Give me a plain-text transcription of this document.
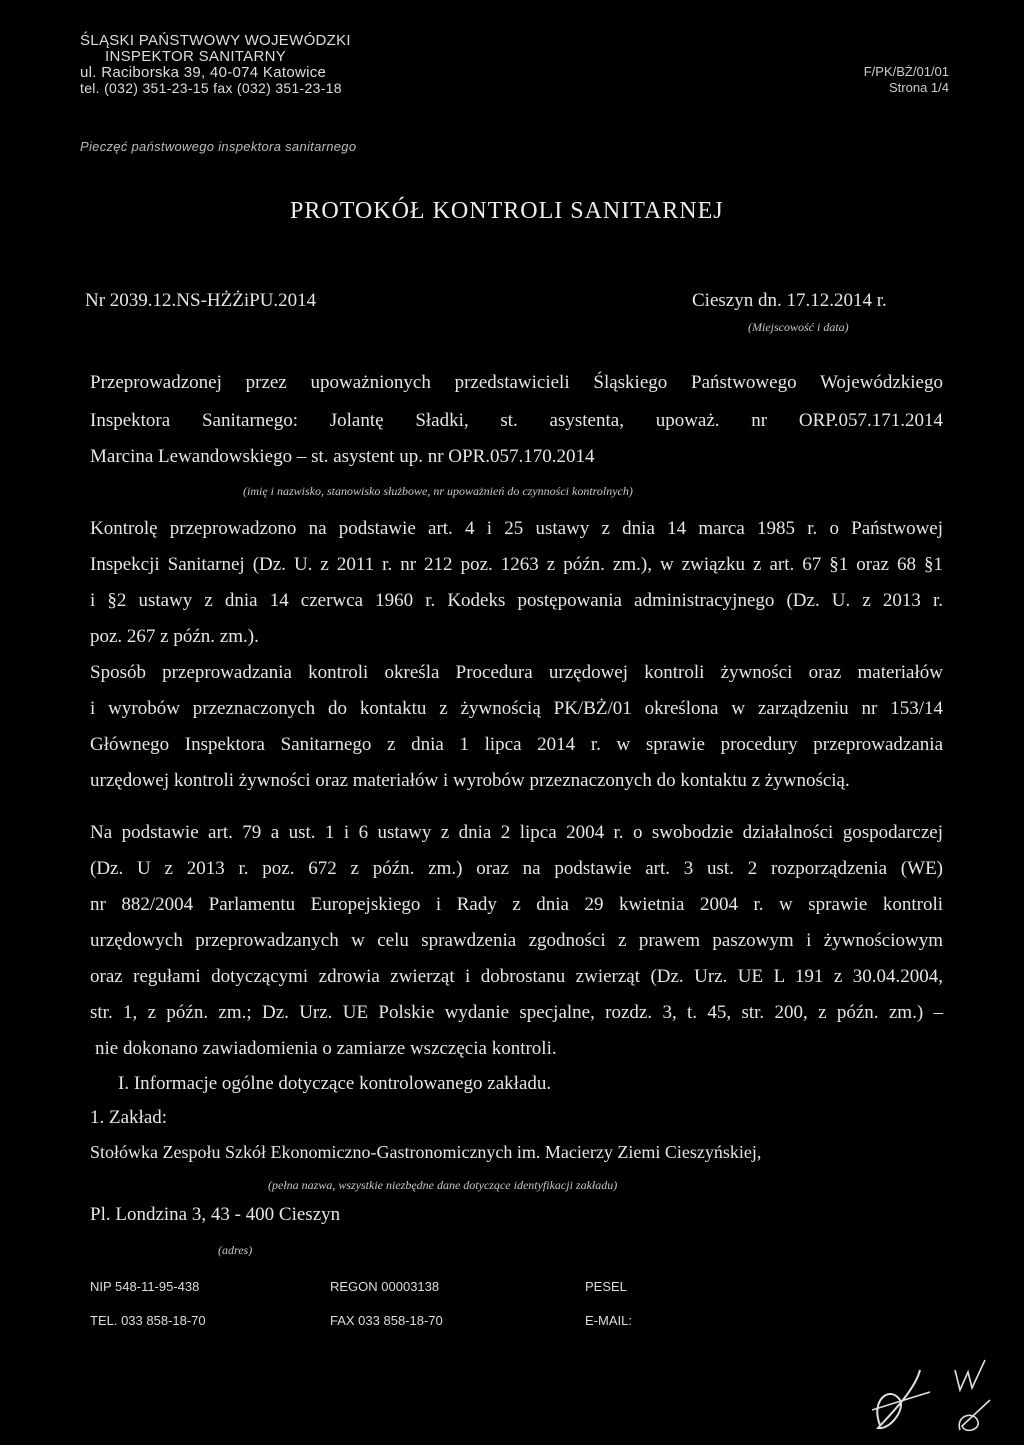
ŚLĄSKI PAŃSTWOWY WOJEWÓDZKI
INSPEKTOR SANITARNY
ul. Raciborska 39, 40-074 Katowice
tel. (032) 351-23-15 fax (032) 351-23-18
Pieczęć państwowego inspektora sanitarnego
F/PK/BŻ/01/01
Strona 1/4
PROTOKÓŁ KONTROLI SANITARNEJ
Nr 2039.12.NS-HŻŻiPU.2014	Cieszyn dn. 17.12.2014 r.
(Miejscowość i data)
Przeprowadzonej przez upoważnionych przedstawicieli Śląskiego Państwowego Wojewódzkiego
Inspektora Sanitarnego: Jolantę Sładki, st. asystenta, upoważ. nr ORP.057.171.2014
Marcina Lewandowskiego – st. asystent up. nr OPR.057.170.2014
(imię i nazwisko, stanowisko służbowe, nr upoważnień do czynności kontrolnych)
Kontrolę przeprowadzono na podstawie art. 4 i 25 ustawy z dnia 14 marca 1985 r. o Państwowej
Inspekcji Sanitarnej (Dz. U. z 2011 r. nr 212 poz. 1263 z późn. zm.), w związku z art. 67 §1 oraz 68 §1
i §2 ustawy z dnia 14 czerwca 1960 r. Kodeks postępowania administracyjnego (Dz. U. z 2013 r.
poz. 267 z późn. zm.).
Sposób przeprowadzania kontroli określa Procedura urzędowej kontroli żywności oraz materiałów
i wyrobów przeznaczonych do kontaktu z żywnością PK/BŻ/01 określona w zarządzeniu nr 153/14
Głównego Inspektora Sanitarnego z dnia 1 lipca 2014 r. w sprawie procedury przeprowadzania
urzędowej kontroli żywności oraz materiałów i wyrobów przeznaczonych do kontaktu z żywnością.
Na podstawie art. 79 a ust. 1 i 6 ustawy z dnia 2 lipca 2004 r. o swobodzie działalności gospodarczej
(Dz. U z 2013 r. poz. 672 z późn. zm.) oraz na podstawie art. 3 ust. 2 rozporządzenia (WE)
nr 882/2004 Parlamentu Europejskiego i Rady z dnia 29 kwietnia 2004 r. w sprawie kontroli
urzędowych przeprowadzanych w celu sprawdzenia zgodności z prawem paszowym i żywnościowym
oraz regułami dotyczącymi zdrowia zwierząt i dobrostanu zwierząt (Dz. Urz. UE L 191 z 30.04.2004,
str. 1, z późn. zm.; Dz. Urz. UE Polskie wydanie specjalne, rozdz. 3, t. 45, str. 200, z późn. zm.) –
nie dokonano zawiadomienia o zamiarze wszczęcia kontroli.
I. Informacje ogólne dotyczące kontrolowanego zakładu.
1. Zakład:
Stołówka Zespołu Szkół Ekonomiczno-Gastronomicznych im. Macierzy Ziemi Cieszyńskiej,
(pełna nazwa, wszystkie niezbędne dane dotyczące identyfikacji zakładu)
Pl. Londzina 3, 43 - 400 Cieszyn
(adres)
NIP 548-11-95-438	REGON 00003138	PESEL
TEL. 033 858-18-70	FAX 033 858-18-70	E-MAIL:
